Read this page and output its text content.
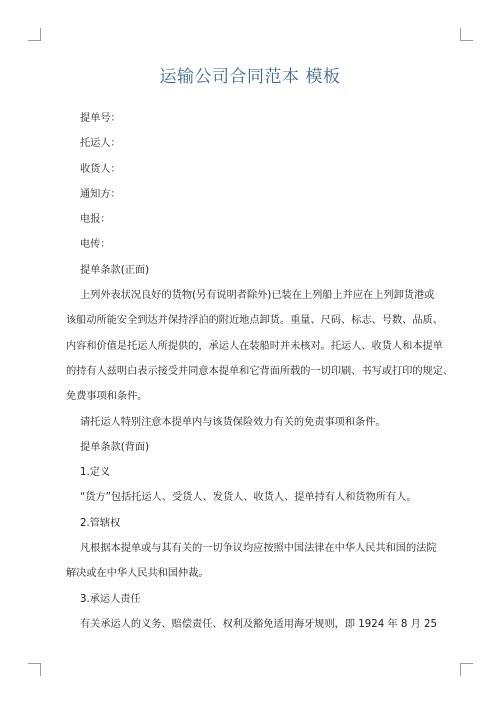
运输公司合同范本 模板
提单号：
托运人：
收货人：
通知方：
电报：
电传：
提单条款(正面)
上列外表状况良好的货物(另有说明者除外)已装在上列船上并应在上列卸货港或
该船动所能安全到达并保持浮泊的附近地点卸货。重量、尺码、标志、号数、品质、
内容和价值是托运人所提供的，承运人在装船时并未核对。托运人、收货人和本提单
的持有人兹明白表示接受并同意本提单和它背面所载的一切印刷、书写或打印的规定、
免费事项和条件。
请托运人特别注意本提单内与该货保险效力有关的免责事项和条件。
提单条款(背面)
1.定义
“货方”包括托运人、受货人、发货人、收货人、提单持有人和货物所有人。
2.管辖权
凡根据本提单或与其有关的一切争议均应按照中国法律在中华人民共和国的法院
解决或在中华人民共和国仲裁。
3.承运人责任
有关承运人的义务、赔偿责任、权利及豁免适用海牙规则，即 1924 年 8 月 25
